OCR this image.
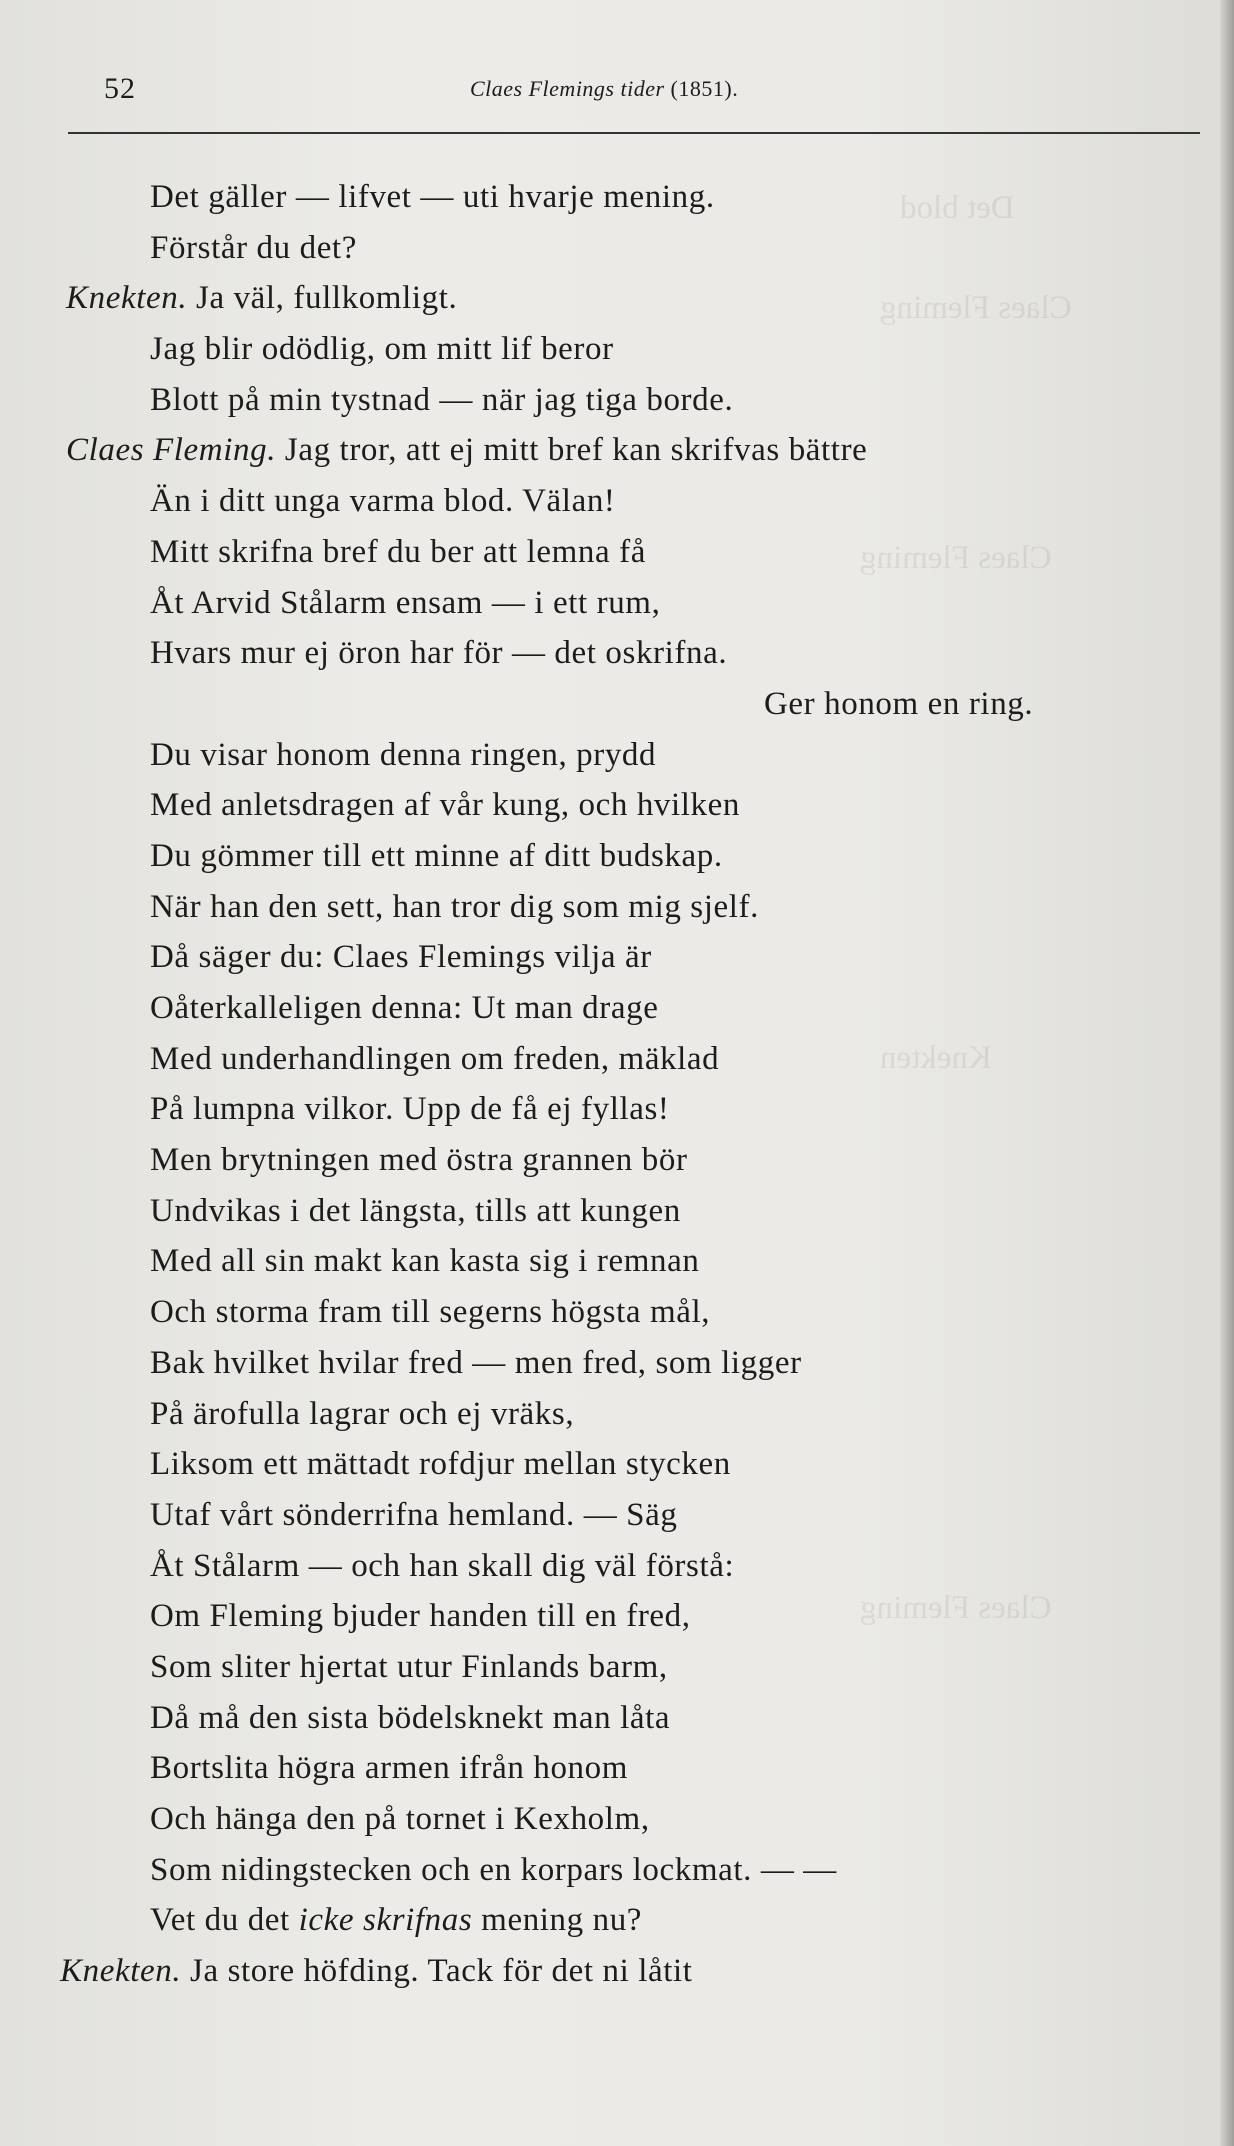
Det blod
Claes Fleming
Claes Fleming
Knekten
Claes Fleming
52	Claes Flemings tider (1851).
Det gäller — lifvet — uti hvarje mening.
Förstår du det?
Knekten. Ja väl, fullkomligt.
Jag blir odödlig, om mitt lif beror
Blott på min tystnad — när jag tiga borde.
Claes Fleming. Jag tror, att ej mitt bref kan skrifvas bättre
Än i ditt unga varma blod. Välan!
Mitt skrifna bref du ber att lemna få
Åt Arvid Stålarm ensam — i ett rum,
Hvars mur ej öron har för — det oskrifna.
Ger honom en ring.
Du visar honom denna ringen, prydd
Med anletsdragen af vår kung, och hvilken
Du gömmer till ett minne af ditt budskap.
När han den sett, han tror dig som mig sjelf.
Då säger du: Claes Flemings vilja är
Oåterkalleligen denna: Ut man drage
Med underhandlingen om freden, mäklad
På lumpna vilkor. Upp de få ej fyllas!
Men brytningen med östra grannen bör
Undvikas i det längsta, tills att kungen
Med all sin makt kan kasta sig i remnan
Och storma fram till segerns högsta mål,
Bak hvilket hvilar fred — men fred, som ligger
På ärofulla lagrar och ej vräks,
Liksom ett mättadt rofdjur mellan stycken
Utaf vårt sönderrifna hemland. — Säg
Åt Stålarm — och han skall dig väl förstå:
Om Fleming bjuder handen till en fred,
Som sliter hjertat utur Finlands barm,
Då må den sista bödelsknekt man låta
Bortslita högra armen ifrån honom
Och hänga den på tornet i Kexholm,
Som nidingstecken och en korpars lockmat. — —
Vet du det icke skrifnas mening nu?
Knekten. Ja store höfding. Tack för det ni låtit
